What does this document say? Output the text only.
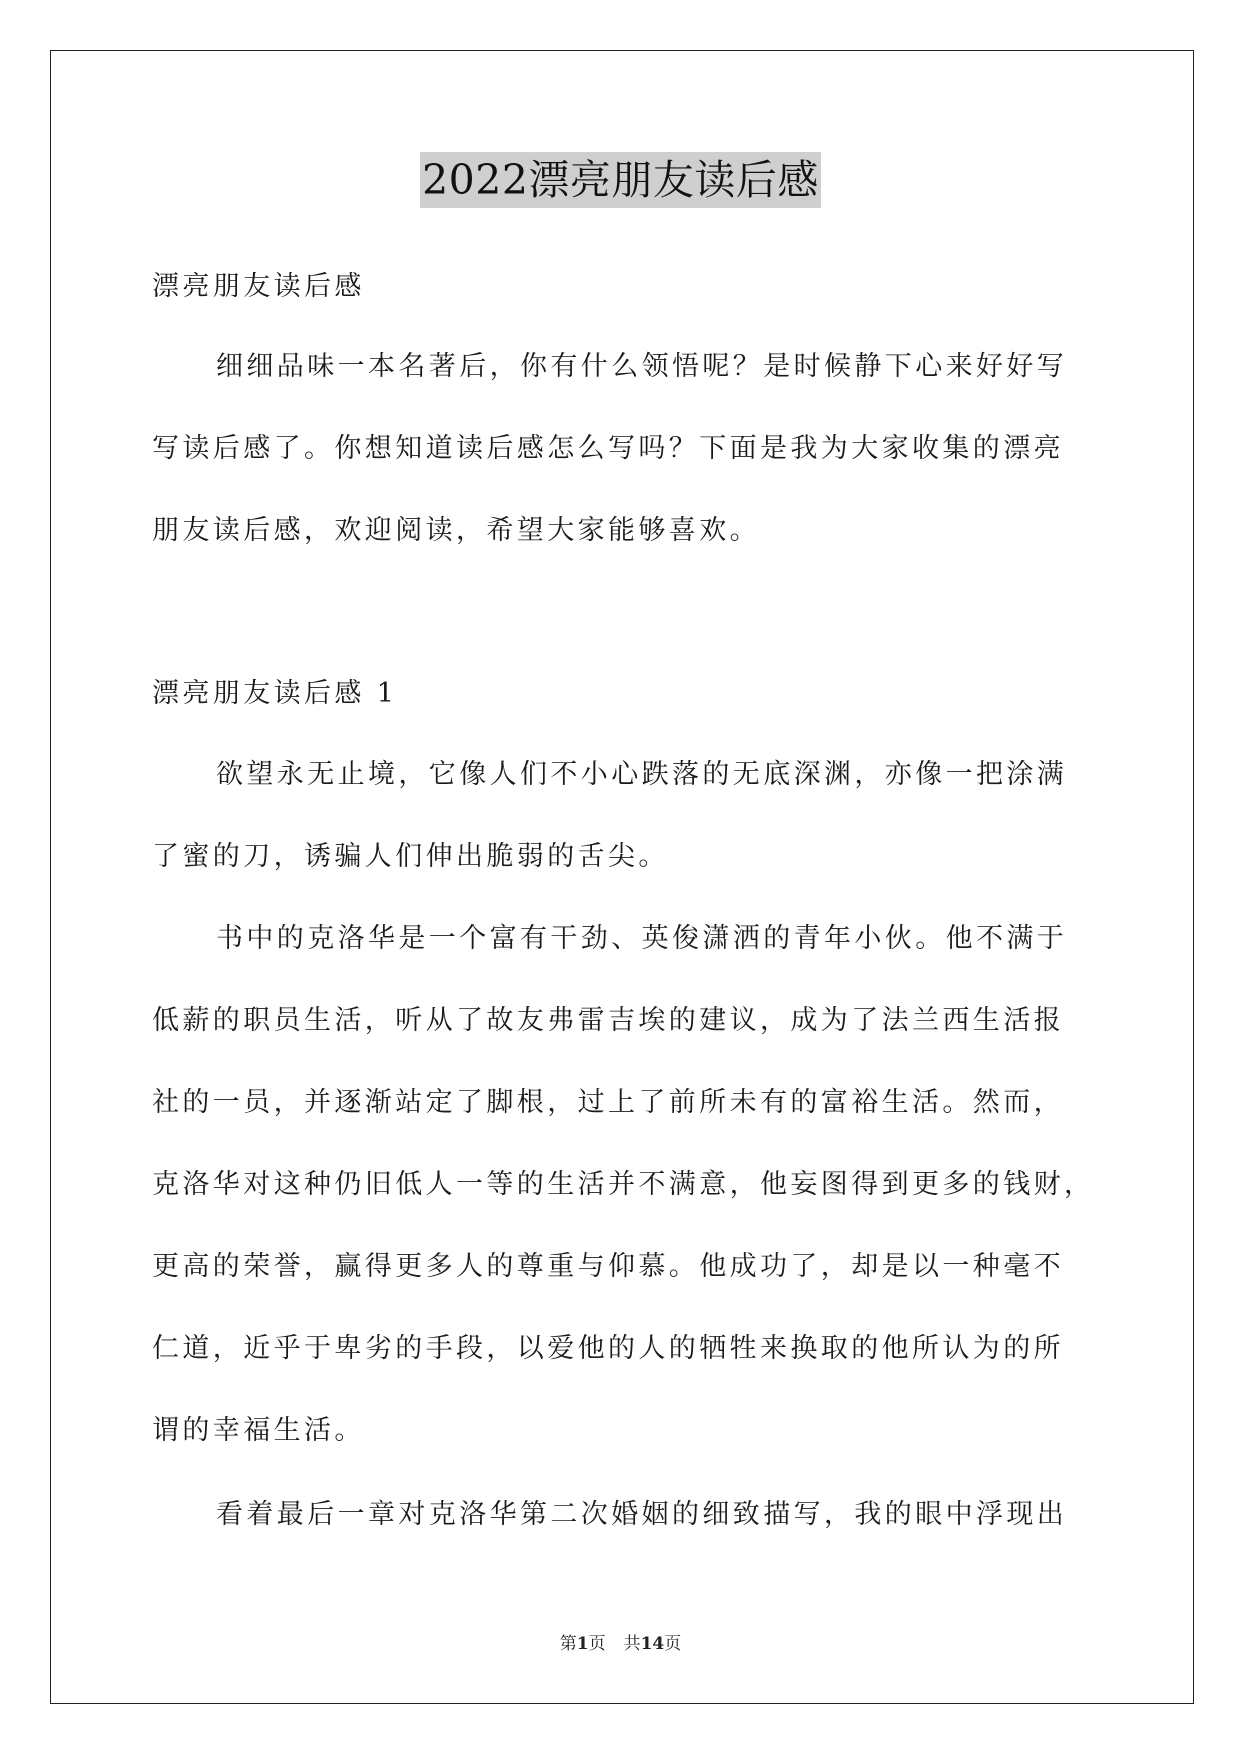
2022漂亮朋友读后感
漂亮朋友读后感
细细品味一本名著后，你有什么领悟呢？是时候静下心来好好写
写读后感了。你想知道读后感怎么写吗？下面是我为大家收集的漂亮
朋友读后感，欢迎阅读，希望大家能够喜欢。
漂亮朋友读后感 1
欲望永无止境，它像人们不小心跌落的无底深渊，亦像一把涂满
了蜜的刀，诱骗人们伸出脆弱的舌尖。
书中的克洛华是一个富有干劲、英俊潇洒的青年小伙。他不满于
低薪的职员生活，听从了故友弗雷吉埃的建议，成为了法兰西生活报
社的一员，并逐渐站定了脚根，过上了前所未有的富裕生活。然而，
克洛华对这种仍旧低人一等的生活并不满意，他妄图得到更多的钱财，
更高的荣誉，赢得更多人的尊重与仰慕。他成功了，却是以一种毫不
仁道，近乎于卑劣的手段，以爱他的人的牺牲来换取的他所认为的所
谓的幸福生活。
看着最后一章对克洛华第二次婚姻的细致描写，我的眼中浮现出
第1页 共14页
